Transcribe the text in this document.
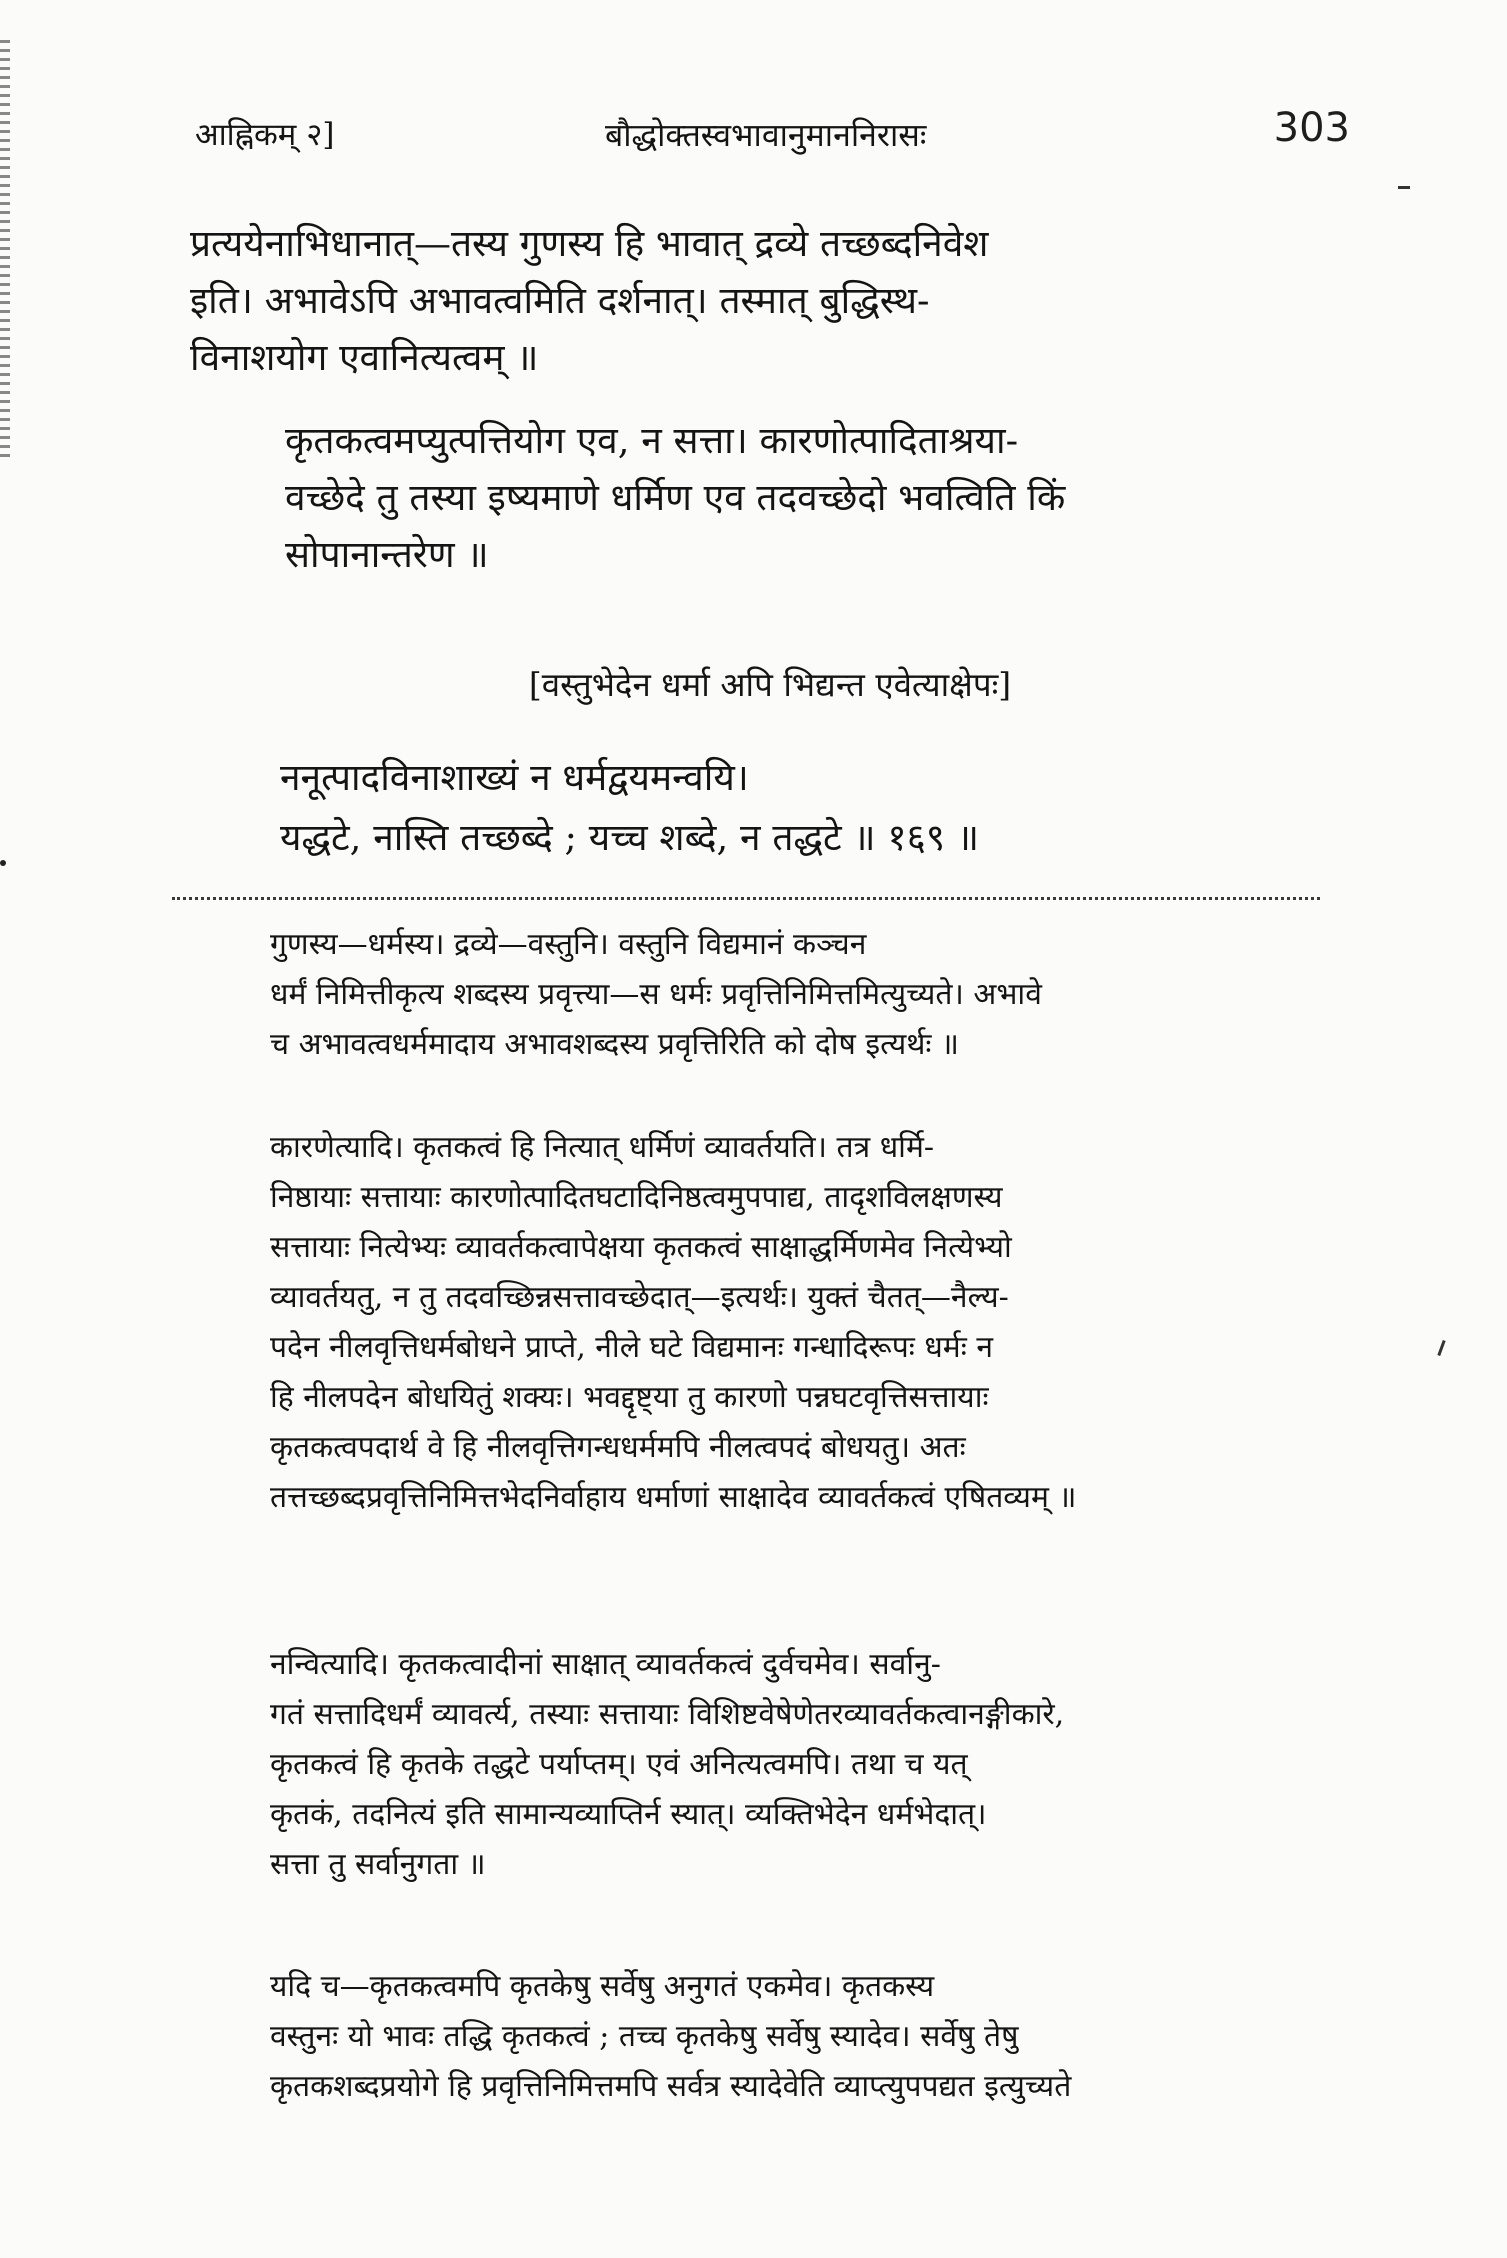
आह्निकम् २]	बौद्धोक्तस्वभावानुमाननिरासः	303
प्रत्ययेनाभिधानात्—तस्य गुणस्य हि भावात् द्रव्ये तच्छब्दनिवेश
इति। अभावेऽपि अभावत्वमिति दर्शनात्। तस्मात् बुद्धिस्थ-
विनाशयोग एवानित्यत्वम् ॥
कृतकत्वमप्युत्पत्तियोग एव, न सत्ता। कारणोत्पादिताश्रया-
वच्छेदे तु तस्या इष्यमाणे धर्मिण एव तदवच्छेदो भवत्विति किं
सोपानान्तरेण ॥
[वस्तुभेदेन धर्मा अपि भिद्यन्त एवेत्याक्षेपः]
ननूत्पादविनाशाख्यं न धर्मद्वयमन्वयि।
यद्धटे, नास्ति तच्छब्दे ; यच्च शब्दे, न तद्धटे ॥ १६९ ॥
गुणस्य—धर्मस्य। द्रव्ये—वस्तुनि। वस्तुनि विद्यमानं कञ्चन
धर्मं निमित्तीकृत्य शब्दस्य प्रवृत्त्या—स धर्मः प्रवृत्तिनिमित्तमित्युच्यते। अभावे
च अभावत्वधर्ममादाय अभावशब्दस्य प्रवृत्तिरिति को दोष इत्यर्थः ॥
कारणेत्यादि। कृतकत्वं हि नित्यात् धर्मिणं व्यावर्तयति। तत्र धर्मि-
निष्ठायाः सत्तायाः कारणोत्पादितघटादिनिष्ठत्वमुपपाद्य, तादृशविलक्षणस्य
सत्तायाः नित्येभ्यः व्यावर्तकत्वापेक्षया कृतकत्वं साक्षाद्धर्मिणमेव नित्येभ्यो
व्यावर्तयतु, न तु तदवच्छिन्नसत्तावच्छेदात्—इत्यर्थः। युक्तं चैतत्—नैल्य-
पदेन नीलवृत्तिधर्मबोधने प्राप्ते, नीले घटे विद्यमानः गन्धादिरूपः धर्मः न
हि नीलपदेन बोधयितुं शक्यः। भवद्दृष्ट्या तु कारणो पन्नघटवृत्तिसत्तायाः
कृतकत्वपदार्थ वे हि नीलवृत्तिगन्धधर्ममपि नीलत्वपदं बोधयतु। अतः
तत्तच्छब्दप्रवृत्तिनिमित्तभेदनिर्वाहाय धर्माणां साक्षादेव व्यावर्तकत्वं एषितव्यम् ॥
नन्वित्यादि। कृतकत्वादीनां साक्षात् व्यावर्तकत्वं दुर्वचमेव। सर्वानु-
गतं सत्तादिधर्मं व्यावर्त्य, तस्याः सत्तायाः विशिष्टवेषेणेतरव्यावर्तकत्वानङ्गीकारे,
कृतकत्वं हि कृतके तद्धटे पर्याप्तम्। एवं अनित्यत्वमपि। तथा च यत्
कृतकं, तदनित्यं इति सामान्यव्याप्तिर्न स्यात्। व्यक्तिभेदेन धर्मभेदात्।
सत्ता तु सर्वानुगता ॥
यदि च—कृतकत्वमपि कृतकेषु सर्वेषु अनुगतं एकमेव। कृतकस्य
वस्तुनः यो भावः तद्धि कृतकत्वं ; तच्च कृतकेषु सर्वेषु स्यादेव। सर्वेषु तेषु
कृतकशब्दप्रयोगे हि प्रवृत्तिनिमित्तमपि सर्वत्र स्यादेवेति व्याप्त्युपपद्यत इत्युच्यते
